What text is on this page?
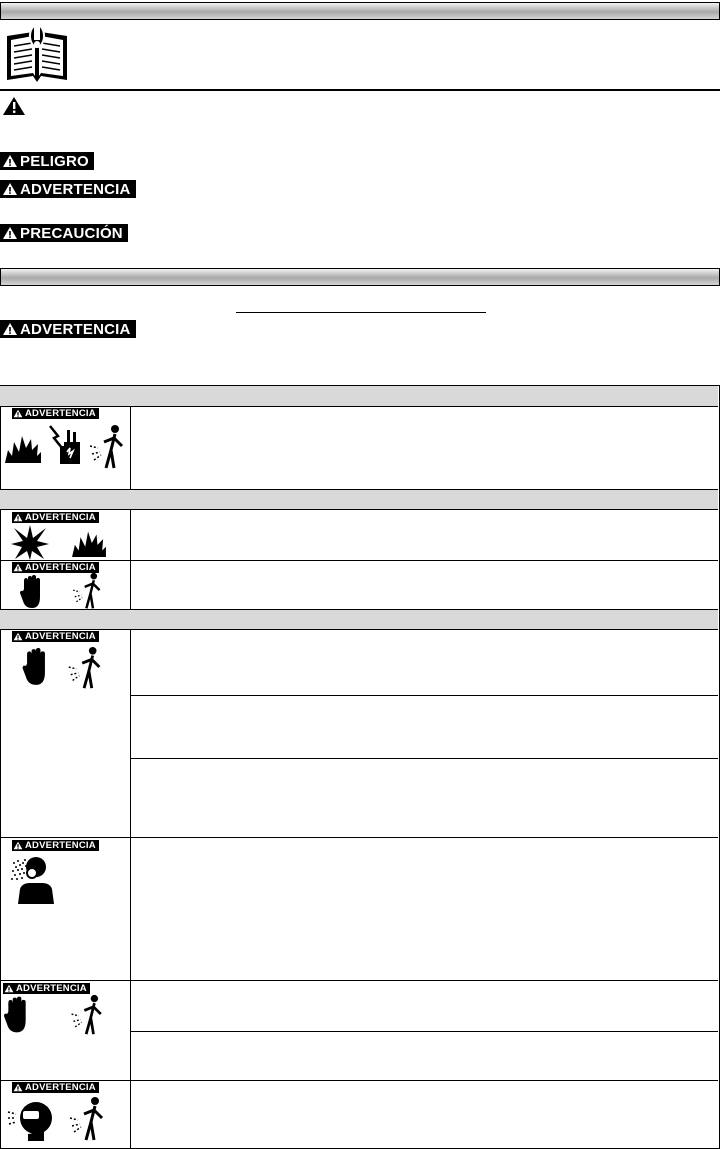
PELIGRO
ADVERTENCIA
PRECAUCIÓN
ADVERTENCIA
ADVERTENCIA
ADVERTENCIA
ADVERTENCIA
ADVERTENCIA
ADVERTENCIA
ADVERTENCIA
ADVERTENCIA
